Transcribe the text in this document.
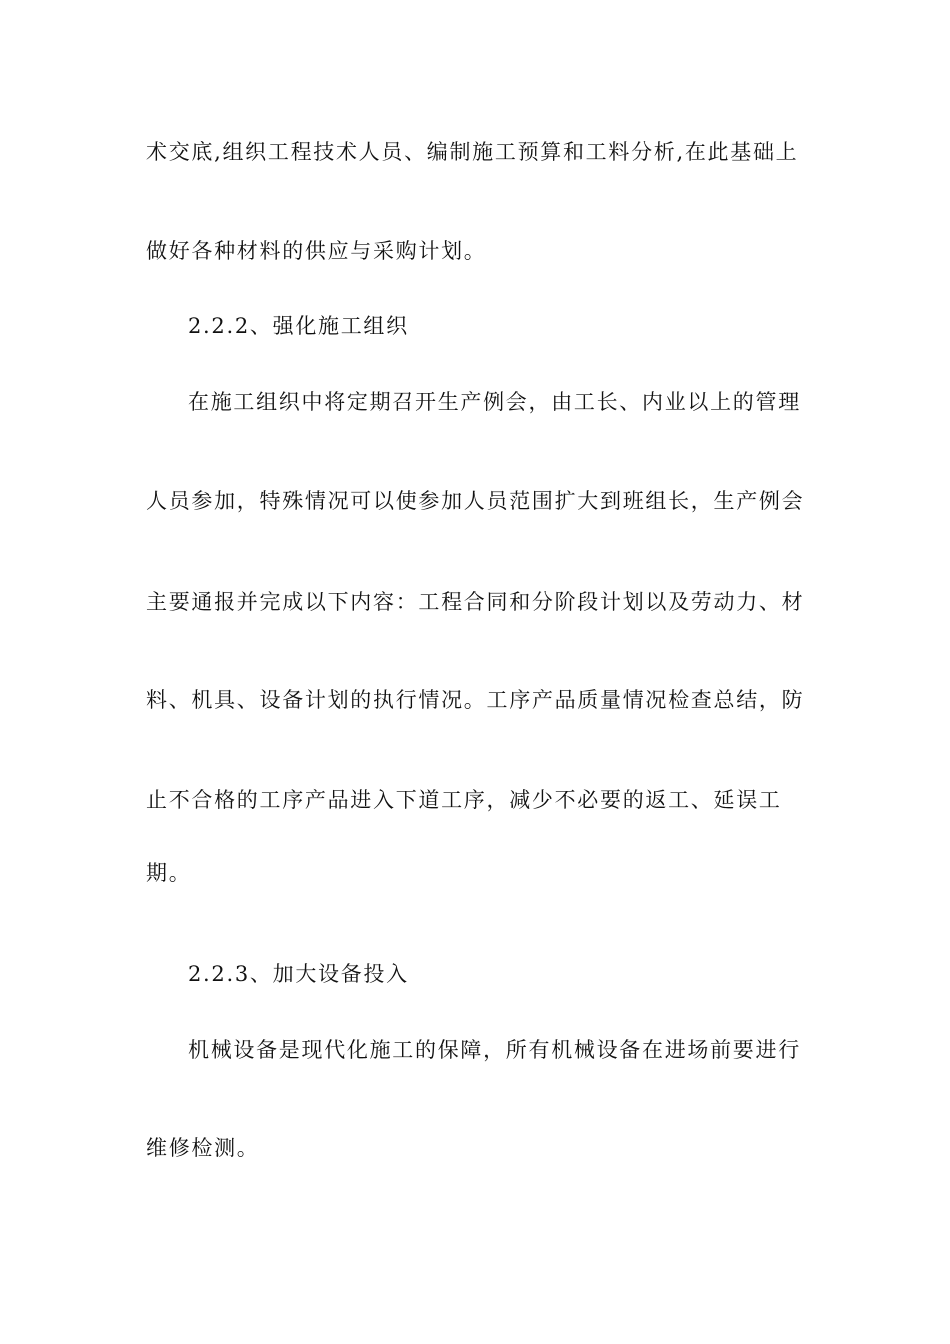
术交底,组织工程技术人员、编制施工预算和工料分析,在此基础上
做好各种材料的供应与采购计划。
2.2.2、强化施工组织
在施工组织中将定期召开生产例会，由工长、内业以上的管理
人员参加，特殊情况可以使参加人员范围扩大到班组长，生产例会
主要通报并完成以下内容：工程合同和分阶段计划以及劳动力、材
料、机具、设备计划的执行情况。工序产品质量情况检查总结，防
止不合格的工序产品进入下道工序，减少不必要的返工、延误工
期。
2.2.3、加大设备投入
机械设备是现代化施工的保障，所有机械设备在进场前要进行
维修检测。
